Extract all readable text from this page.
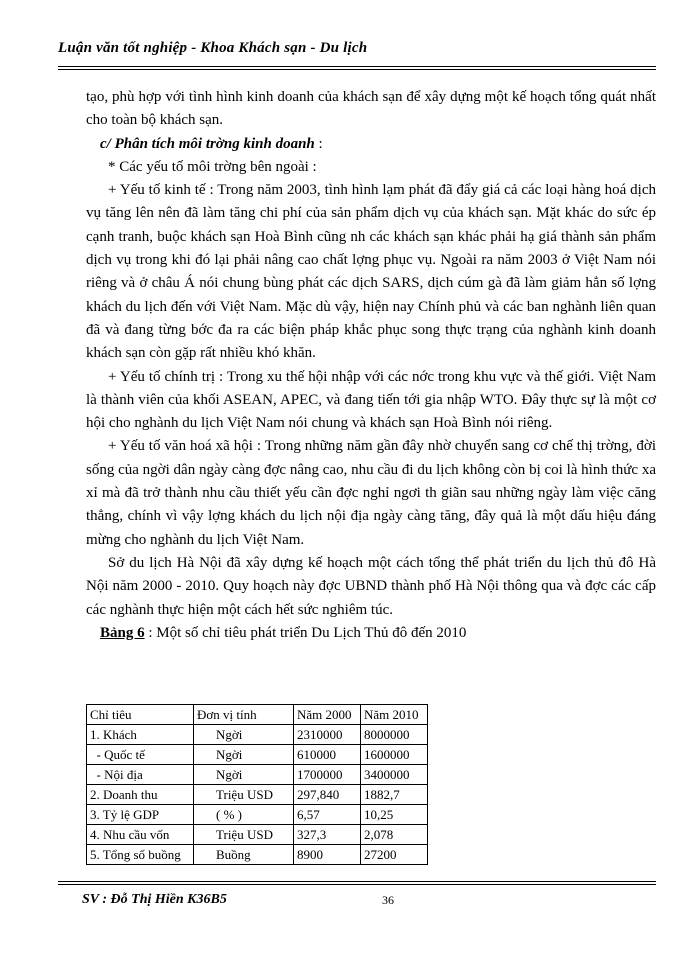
Luận văn tốt nghiệp - Khoa Khách sạn - Du lịch

tạo, phù hợp với tình hình kinh doanh của khách sạn để xây dựng một kế hoạch tổng quát nhất cho toàn bộ khách sạn.

c/ Phân tích môi trờng kinh doanh :

* Các yếu tố môi trờng bên ngoài :

+ Yếu tố kinh tế : Trong năm 2003, tình hình lạm phát đã đẩy giá cả các loại hàng hoá dịch vụ tăng lên nên đã làm tăng chi phí của sản phẩm dịch vụ của khách sạn. Mặt khác do sức ép cạnh tranh, buộc khách sạn Hoà Bình cũng nh các khách sạn khác phải hạ giá thành sản phẩm dịch vụ trong khi đó lại phải nâng cao chất lợng phục vụ. Ngoài ra năm 2003 ở Việt Nam nói riêng và ở châu Á nói chung bùng phát các dịch SARS, dịch cúm gà đã làm giảm hẳn số lợng khách du lịch đến với Việt Nam. Mặc dù vậy, hiện nay Chính phủ và các ban nghành liên quan đã và đang từng bớc đa ra các biện pháp khắc phục song thực trạng của nghành kinh doanh khách sạn còn gặp rất nhiều khó khăn.

+ Yếu tố chính trị : Trong xu thế hội nhập với các nớc trong khu vực và thế giới. Việt Nam là thành viên của khối ASEAN, APEC, và đang tiến tới gia nhập WTO. Đây thực sự là một cơ hội cho nghành du lịch Việt Nam nói chung và khách sạn Hoà Bình nói riêng.

+ Yếu tố văn hoá xã hội : Trong những năm gần đây nhờ chuyển sang cơ chế thị trờng, đời sống của ngời dân ngày càng đợc nâng cao, nhu cầu đi du lịch không còn bị coi là hình thức xa xỉ mà đã trở thành nhu cầu thiết yếu cần đợc nghỉ ngơi th giãn sau những ngày làm việc căng thẳng, chính vì vậy lợng khách du lịch nội địa ngày càng tăng, đây quả là một dấu hiệu đáng mừng cho nghành du lịch Việt Nam.

Sở du lịch Hà Nội đã xây dựng kế hoạch một cách tổng thể phát triển du lịch thủ đô Hà Nội năm 2000 - 2010. Quy hoạch này đợc UBND thành phố Hà Nội thông qua và đợc các cấp các nghành thực hiện một cách hết sức nghiêm túc.

Bảng 6 : Một số chỉ tiêu phát triển Du Lịch Thủ đô đến 2010

Chỉ tiêu	Đơn vị tính	Năm 2000	Năm 2010
1. Khách	Ngời	2310000	8000000
- Quốc tế	Ngời	610000	1600000
- Nội địa	Ngời	1700000	3400000
2. Doanh thu	Triệu USD	297,840	1882,7
3. Tỷ lệ GDP	( % )	6,57	10,25
4. Nhu cầu vốn	Triệu USD	327,3	2,078
5. Tổng số buồng	Buồng	8900	27200
SV : Đỗ Thị Hiền K36B5	36
